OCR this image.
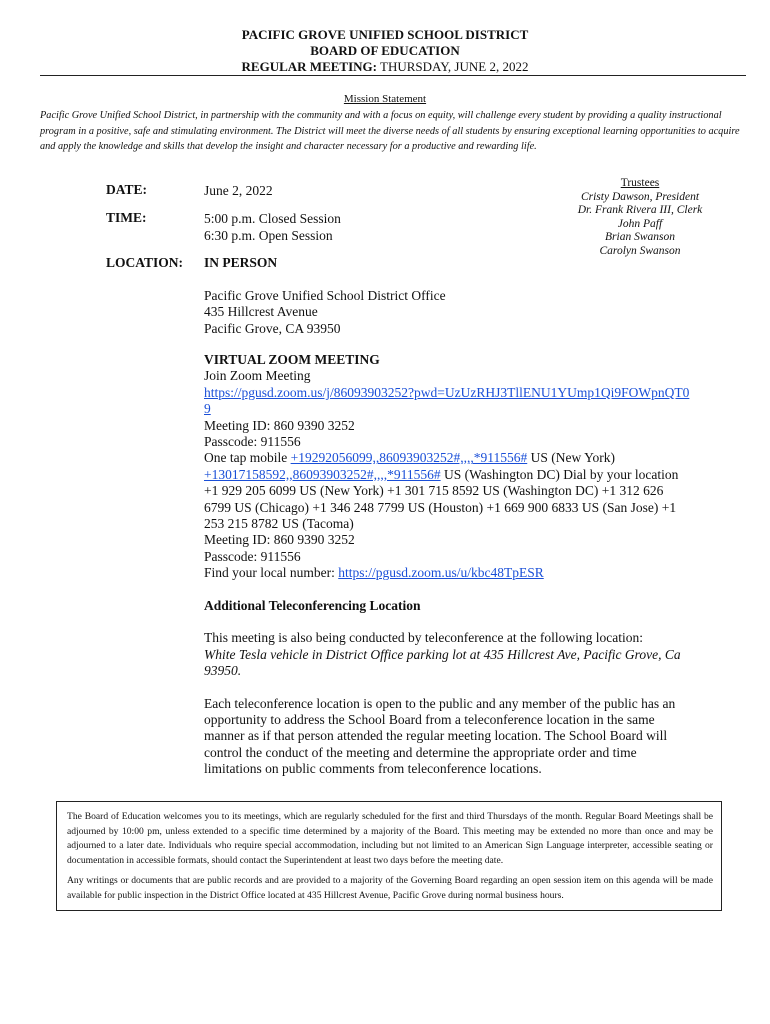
PACIFIC GROVE UNIFIED SCHOOL DISTRICT
BOARD OF EDUCATION
REGULAR MEETING: THURSDAY, JUNE 2, 2022
Mission Statement
Pacific Grove Unified School District, in partnership with the community and with a focus on equity, will challenge every student by providing a quality instructional program in a positive, safe and stimulating environment. The District will meet the diverse needs of all students by ensuring exceptional learning opportunities to acquire and apply the knowledge and skills that develop the insight and character necessary for a productive and rewarding life.
DATE:	June 2, 2022
TIME:	5:00 p.m. Closed Session
6:30 p.m. Open Session
LOCATION: IN PERSON
Trustees
Cristy Dawson, President
Dr. Frank Rivera III, Clerk
John Paff
Brian Swanson
Carolyn Swanson
Pacific Grove Unified School District Office
435 Hillcrest Avenue
Pacific Grove, CA 93950
VIRTUAL ZOOM MEETING
Join Zoom Meeting
https://pgusd.zoom.us/j/86093903252?pwd=UzUzRHJ3TllENU1YUmp1Qi9FOWpnQT0
9
Meeting ID: 860 9390 3252
Passcode: 911556
One tap mobile +19292056099,,86093903252#,,,,*911556# US (New York)
+13017158592,,86093903252#,,,,*911556# US (Washington DC) Dial by your location
+1 929 205 6099 US (New York) +1 301 715 8592 US (Washington DC) +1 312 626
6799 US (Chicago) +1 346 248 7799 US (Houston) +1 669 900 6833 US (San Jose) +1
253 215 8782 US (Tacoma)
Meeting ID: 860 9390 3252
Passcode: 911556
Find your local number: https://pgusd.zoom.us/u/kbc48TpESR
Additional Teleconferencing Location
This meeting is also being conducted by teleconference at the following location:
White Tesla vehicle in District Office parking lot at 435 Hillcrest Ave, Pacific Grove, Ca
93950.
Each teleconference location is open to the public and any member of the public has an
opportunity to address the School Board from a teleconference location in the same
manner as if that person attended the regular meeting location. The School Board will
control the conduct of the meeting and determine the appropriate order and time
limitations on public comments from teleconference locations.

The Board of Education welcomes you to its meetings, which are regularly scheduled for the first and third Thursdays of the month. Regular Board Meetings shall be adjourned by 10:00 pm, unless extended to a specific time determined by a majority of the Board. This meeting may be extended no more than once and may be adjourned to a later date. Individuals who require special accommodation, including but not limited to an American Sign Language interpreter, accessible seating or documentation in accessible formats, should contact the Superintendent at least two days before the meeting date.

Any writings or documents that are public records and are provided to a majority of the Governing Board regarding an open session item on this agenda will be made available for public inspection in the District Office located at 435 Hillcrest Avenue, Pacific Grove during normal business hours.
